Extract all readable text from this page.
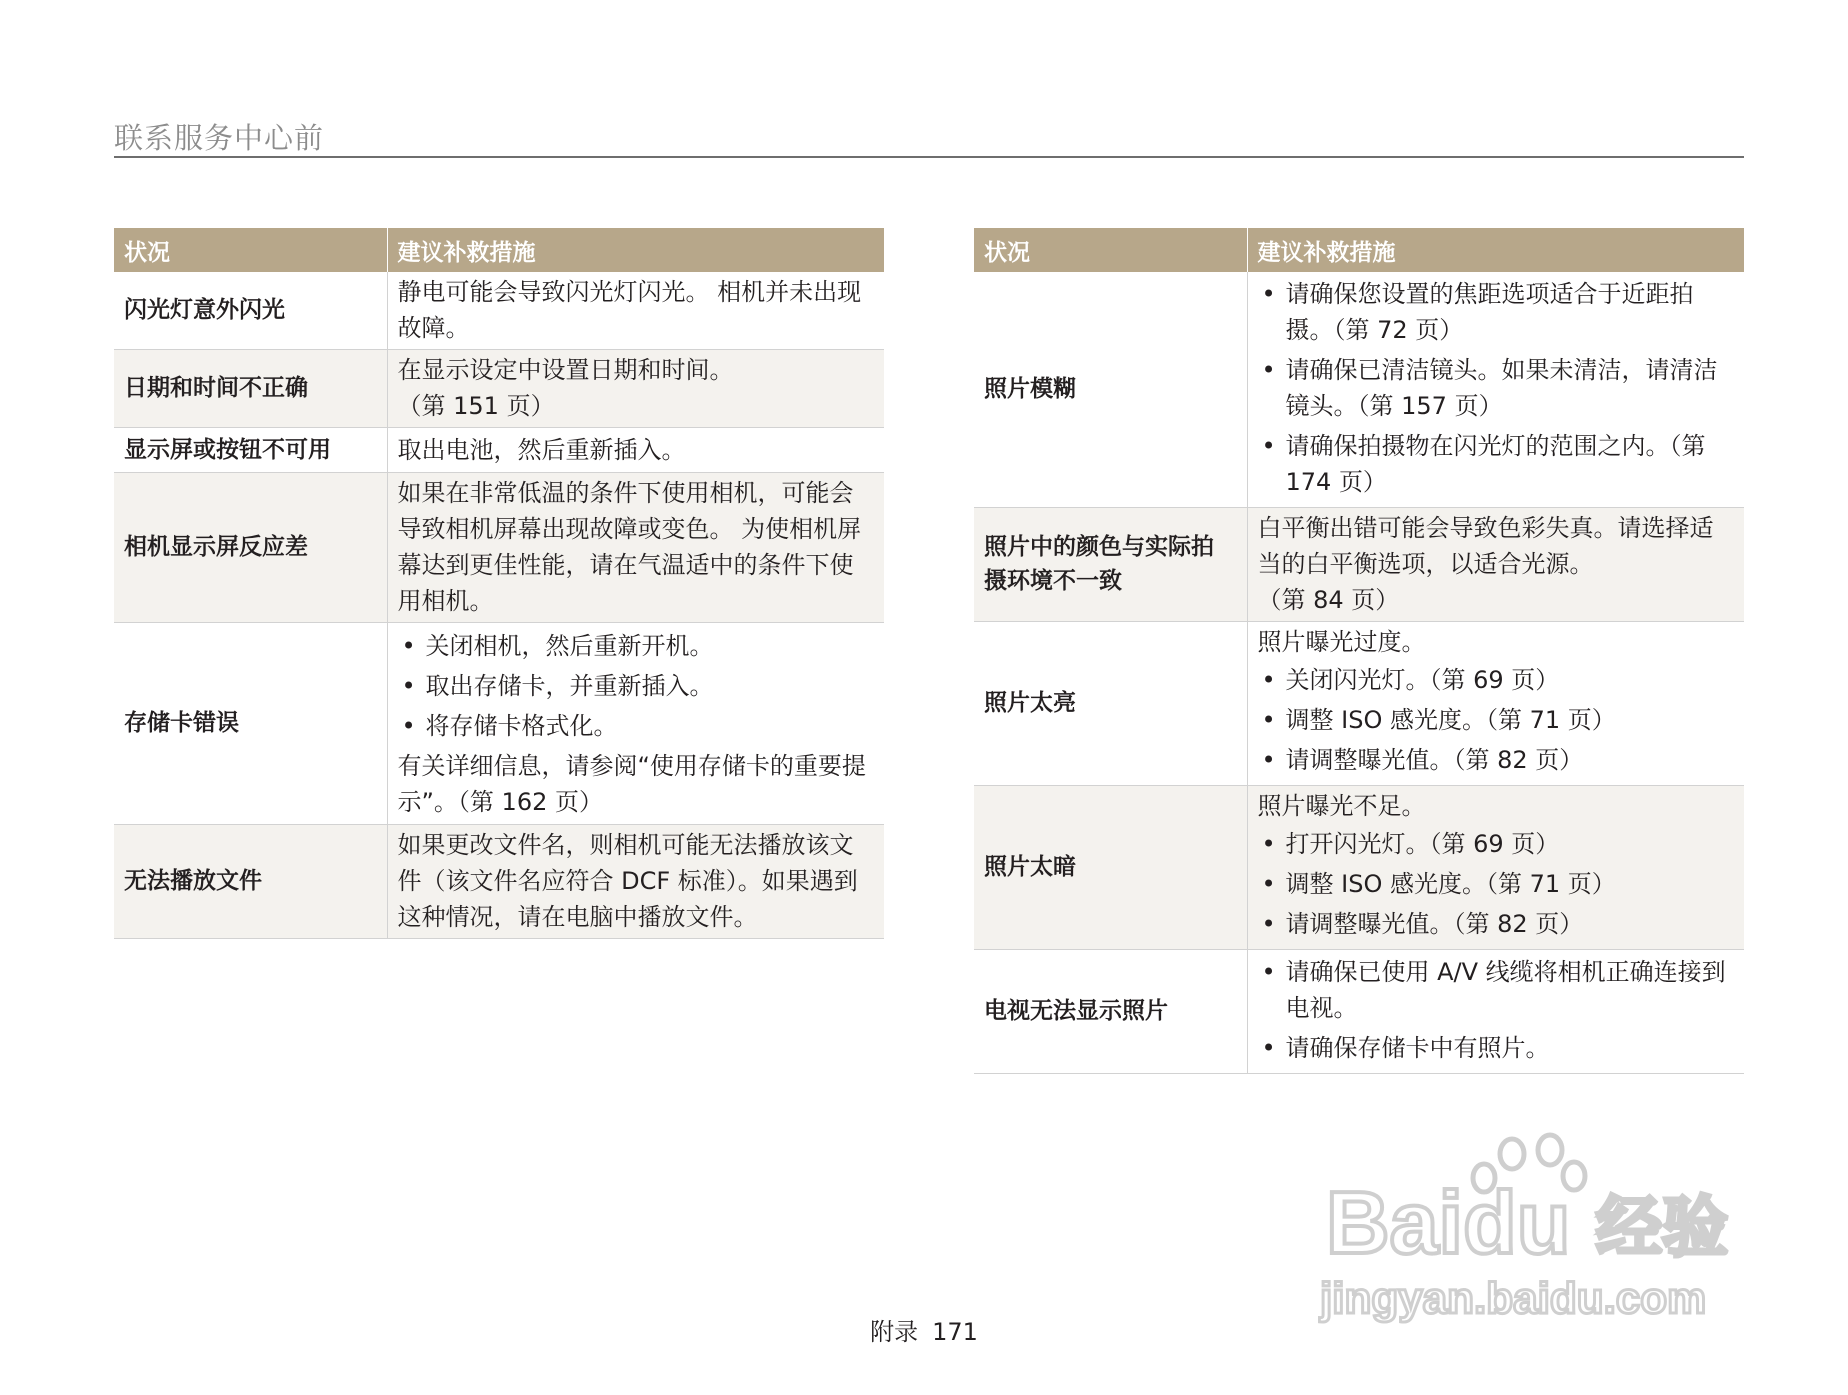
联系服务中心前
状况	建议补救措施
闪光灯意外闪光	静电可能会导致闪光灯闪光。 相机并未出现故障。

日期和时间不正确	在显示设定中设置日期和时间。

（第 151 页）

显示屏或按钮不可用	取出电池，然后重新插入。

相机显示屏反应差	如果在非常低温的条件下使用相机，可能会导致相机屏幕出现故障或变色。 为使相机屏幕达到更佳性能，请在气温适中的条件下使用相机。

存储卡错误	• 关闭相机，然后重新开机。
• 取出存储卡，并重新插入。
• 将存储卡格式化。

有关详细信息，请参阅“使用存储卡的重要提示”。（第 162 页）

无法播放文件	如果更改文件名，则相机可能无法播放该文件（该文件名应符合 DCF 标准）。如果遇到这种情况，请在电脑中播放文件。

状况	建议补救措施
照片模糊	• 请确保您设置的焦距选项适合于近距拍摄。（第 72 页）
• 请确保已清洁镜头。如果未清洁，请清洁镜头。（第 157 页）
• 请确保拍摄物在闪光灯的范围之内。（第 174 页）

照片中的颜色与实际拍摄环境不一致	白平衡出错可能会导致色彩失真。请选择适当的白平衡选项，以适合光源。

（第 84 页）

照片太亮	照片曝光过度。

• 关闭闪光灯。（第 69 页）
• 调整 ISO 感光度。（第 71 页）
• 请调整曝光值。（第 82 页）

照片太暗	照片曝光不足。

• 打开闪光灯。（第 69 页）
• 调整 ISO 感光度。（第 71 页）
• 请调整曝光值。（第 82 页）

电视无法显示照片	• 请确保已使用 A/V 线缆将相机正确连接到电视。
• 请确保存储卡中有照片。
附录 171
Baidu 经验
jingyan.baidu.com
